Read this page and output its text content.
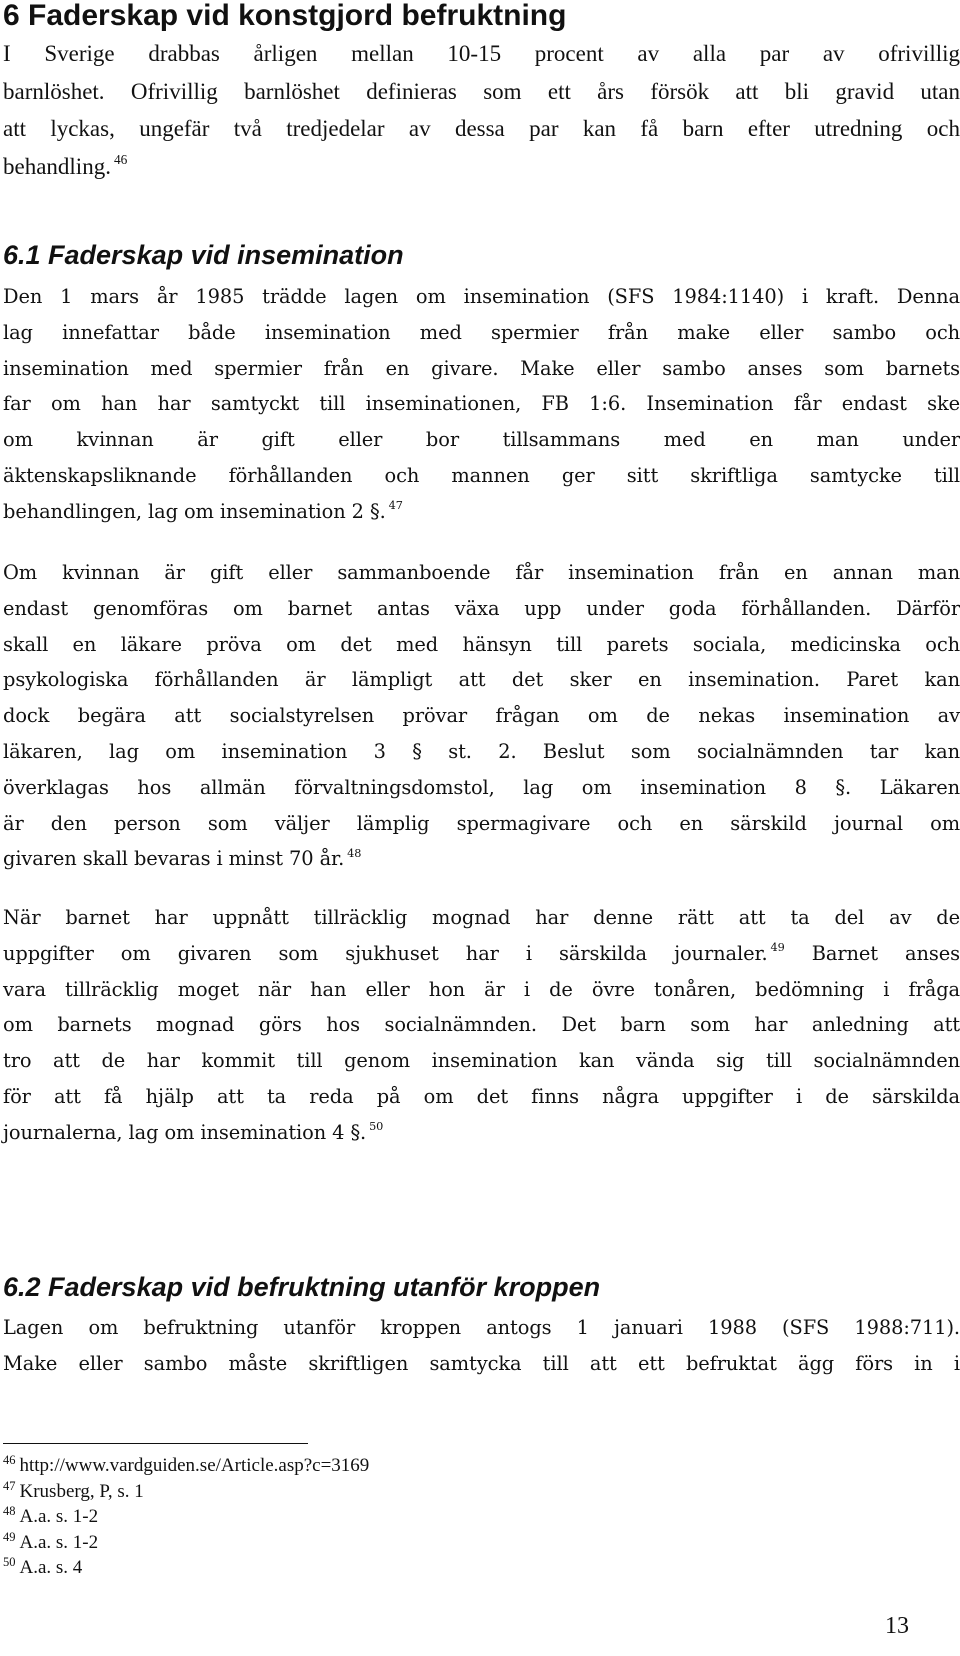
6 Faderskap vid konstgjord befruktning
I Sverige drabbas årligen mellan 10-15 procent av alla par av ofrivillig
barnlöshet. Ofrivillig barnlöshet definieras som ett års försök att bli gravid utan
att lyckas, ungefär två tredjedelar av dessa par kan få barn efter utredning och
behandling. $^{46}$
6.1 Faderskap vid insemination
Den 1 mars år 1985 trädde lagen om insemination (SFS 1984:1140) i kraft. Denna
lag innefattar både insemination med spermier från make eller sambo och
insemination med spermier från en givare. Make eller sambo anses som barnets
far om han har samtyckt till inseminationen, FB 1:6. Insemination får endast ske
om kvinnan är gift eller bor tillsammans med en man under
äktenskapsliknande förhållanden och mannen ger sitt skriftliga samtycke till
behandlingen, lag om insemination 2 §. $^{47}$
Om kvinnan är gift eller sammanboende får insemination från en annan man
endast genomföras om barnet antas växa upp under goda förhållanden. Därför
skall en läkare pröva om det med hänsyn till parets sociala, medicinska och
psykologiska förhållanden är lämpligt att det sker en insemination. Paret kan
dock begära att socialstyrelsen prövar frågan om de nekas insemination av
läkaren, lag om insemination 3 § st. 2. Beslut som socialnämnden tar kan
överklagas hos allmän förvaltningsdomstol, lag om insemination 8 §. Läkaren
är den person som väljer lämplig spermagivare och en särskild journal om
givaren skall bevaras i minst 70 år. $^{48}$
När barnet har uppnått tillräcklig mognad har denne rätt att ta del av de
uppgifter om givaren som sjukhuset har i särskilda journaler. $^{49}$ Barnet anses
vara tillräcklig moget när han eller hon är i de övre tonåren, bedömning i fråga
om barnets mognad görs hos socialnämnden. Det barn som har anledning att
tro att de har kommit till genom insemination kan vända sig till socialnämnden
för att få hjälp att ta reda på om det finns några uppgifter i de särskilda
journalerna, lag om insemination 4 §. $^{50}$
6.2 Faderskap vid befruktning utanför kroppen
Lagen om befruktning utanför kroppen antogs 1 januari 1988 (SFS 1988:711).
Make eller sambo måste skriftligen samtycka till att ett befruktat ägg förs in i
$^{46}$ http://www.vardguiden.se/Article.asp?c=3169
$^{47}$ Krusberg, P, s. 1
$^{48}$ A.a. s. 1-2
$^{49}$ A.a. s. 1-2
$^{50}$ A.a. s. 4
13
